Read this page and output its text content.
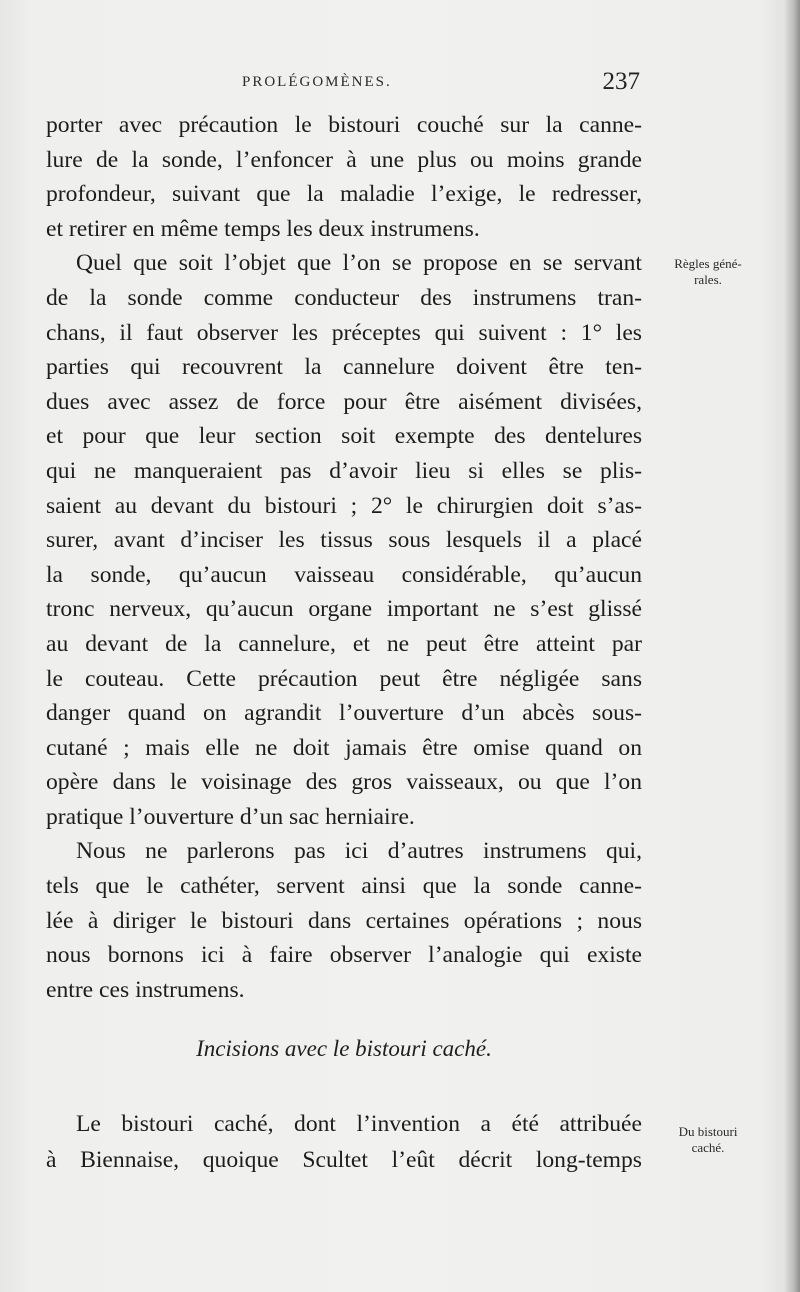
PROLÉGOMÈNES.	237
porter avec précaution le bistouri couché sur la canne-
lure de la sonde, l’enfoncer à une plus ou moins grande
profondeur, suivant que la maladie l’exige, le redresser,
et retirer en même temps les deux instrumens.
Quel que soit l’objet que l’on se propose en se servant
de la sonde comme conducteur des instrumens tran-
chans, il faut observer les préceptes qui suivent : 1° les
parties qui recouvrent la cannelure doivent être ten-
dues avec assez de force pour être aisément divisées,
et pour que leur section soit exempte des dentelures
qui ne manqueraient pas d’avoir lieu si elles se plis-
saient au devant du bistouri ; 2° le chirurgien doit s’as-
surer, avant d’inciser les tissus sous lesquels il a placé
la sonde, qu’aucun vaisseau considérable, qu’aucun
tronc nerveux, qu’aucun organe important ne s’est glissé
au devant de la cannelure, et ne peut être atteint par
le couteau. Cette précaution peut être négligée sans
danger quand on agrandit l’ouverture d’un abcès sous-
cutané ; mais elle ne doit jamais être omise quand on
opère dans le voisinage des gros vaisseaux, ou que l’on
pratique l’ouverture d’un sac herniaire.
Nous ne parlerons pas ici d’autres instrumens qui,
tels que le cathéter, servent ainsi que la sonde canne-
lée à diriger le bistouri dans certaines opérations ; nous
nous bornons ici à faire observer l’analogie qui existe
entre ces instrumens.
Incisions avec le bistouri caché.
Le bistouri caché, dont l’invention a été attribuée
à Biennaise, quoique Scultet l’eût décrit long-temps
Règles géné-
rales.
Du bistouri
caché.
